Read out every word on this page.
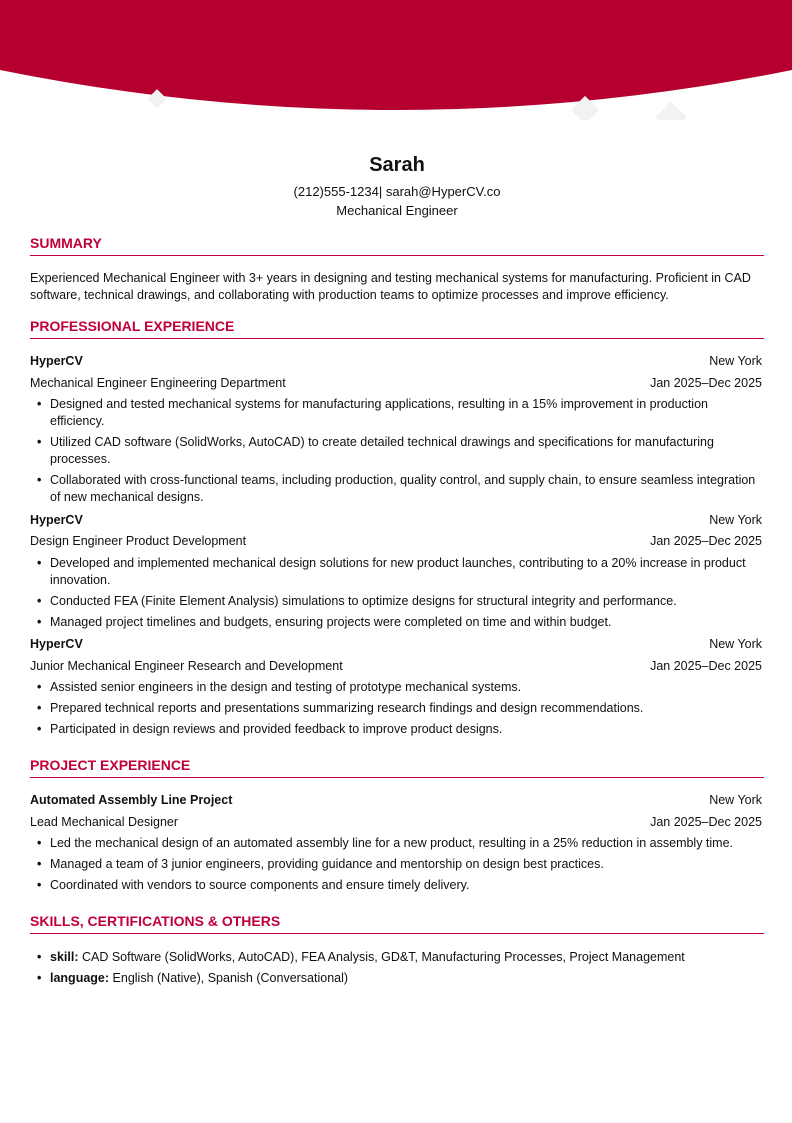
Sarah
(212)555-1234| sarah@HyperCV.co
Mechanical Engineer
SUMMARY
Experienced Mechanical Engineer with 3+ years in designing and testing mechanical systems for manufacturing. Proficient in CAD software, technical drawings, and collaborating with production teams to optimize processes and improve efficiency.
PROFESSIONAL EXPERIENCE
HyperCV	New York
Mechanical Engineer Engineering Department	Jan 2025–Dec 2025
• Designed and tested mechanical systems for manufacturing applications, resulting in a 15% improvement in production efficiency.
• Utilized CAD software (SolidWorks, AutoCAD) to create detailed technical drawings and specifications for manufacturing processes.
• Collaborated with cross-functional teams, including production, quality control, and supply chain, to ensure seamless integration of new mechanical designs.
HyperCV	New York
Design Engineer Product Development	Jan 2025–Dec 2025
• Developed and implemented mechanical design solutions for new product launches, contributing to a 20% increase in product innovation.
• Conducted FEA (Finite Element Analysis) simulations to optimize designs for structural integrity and performance.
• Managed project timelines and budgets, ensuring projects were completed on time and within budget.
HyperCV	New York
Junior Mechanical Engineer Research and Development	Jan 2025–Dec 2025
• Assisted senior engineers in the design and testing of prototype mechanical systems.
• Prepared technical reports and presentations summarizing research findings and design recommendations.
• Participated in design reviews and provided feedback to improve product designs.
PROJECT EXPERIENCE
Automated Assembly Line Project	New York
Lead Mechanical Designer	Jan 2025–Dec 2025
• Led the mechanical design of an automated assembly line for a new product, resulting in a 25% reduction in assembly time.
• Managed a team of 3 junior engineers, providing guidance and mentorship on design best practices.
• Coordinated with vendors to source components and ensure timely delivery.
SKILLS, CERTIFICATIONS & OTHERS
• skill: CAD Software (SolidWorks, AutoCAD), FEA Analysis, GD&T, Manufacturing Processes, Project Management
• language: English (Native), Spanish (Conversational)
